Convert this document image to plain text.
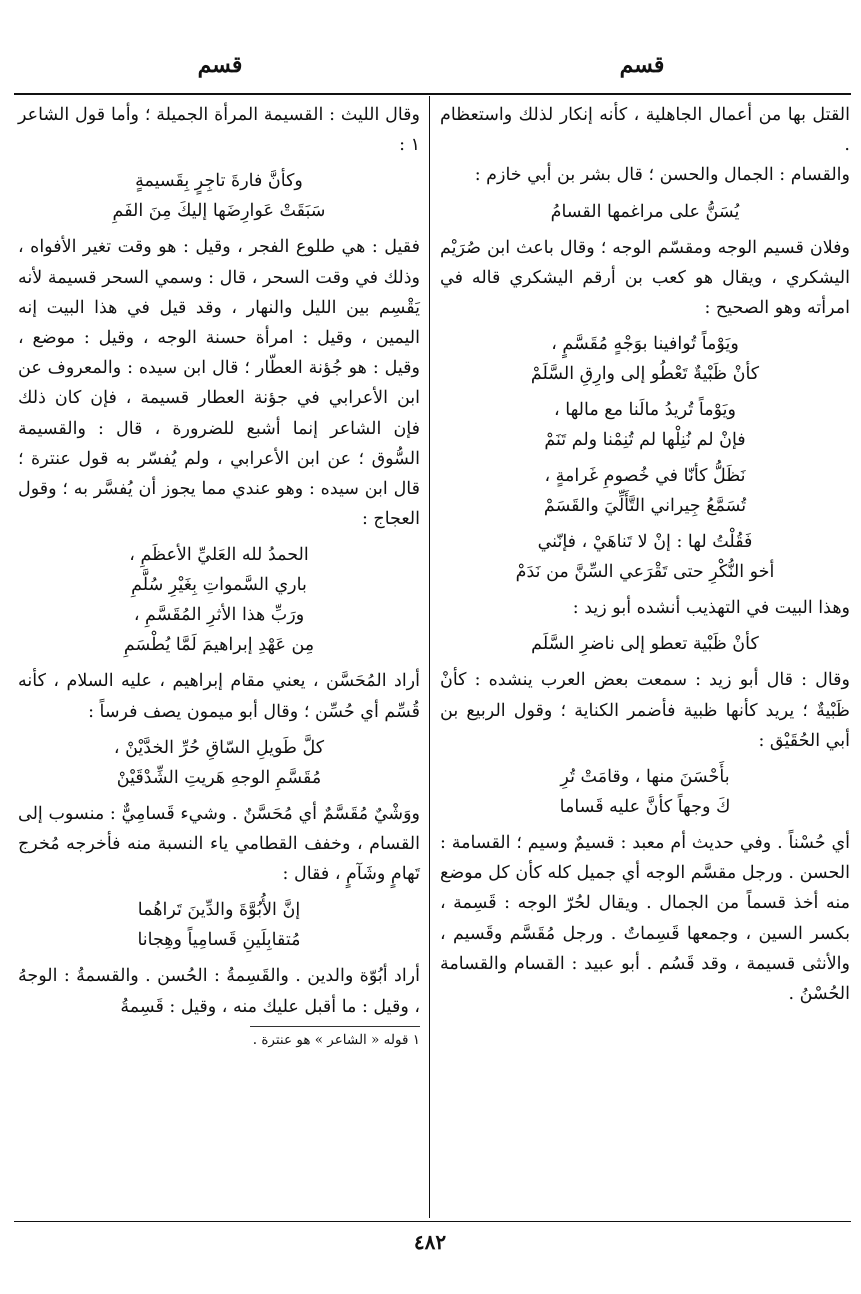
قسم
قسم

القتل بها من أعمال الجاهلية ، كأنه إنكار لذلك واستعظام .

والقسام : الجمال والحسن ؛ قال بشر بن أبي خازم :

يُسَنُّ على مراغمها القسامُ

وفلان قسيم الوجه ومقسّم الوجه ؛ وقال باعث ابن صُرَيْم اليشكري ، ويقال هو كعب بن أرقم اليشكري قاله في امرأته وهو الصحيح :

ويَوْماً تُوافينا بوَجْهٍ مُقَسَّمٍ ،

كأنْ ظَبْيةٌ تَعْطُو إلى وارِقِ السَّلَمْ

ويَوْماً تُريدُ مالَنا مع مالها ،

فإنْ لم نُنِلْها لم تُنِمْنا ولم تَنَمْ

نَظَلُّ كأنّا في خُصومِ غَرامةٍ ،

تُسَمَّعُ جِيراني التَّأَلِّيَ والقَسَمْ

فَقُلْتُ لها : إنْ لا تَناهَيْ ، فإنّني

أخو النُّكْرِ حتى تَقْرَعي السِّنَّ من نَدَمْ

وهذا البيت في التهذيب أنشده أبو زيد :

كأنْ ظَبْية تعطو إلى ناضرِ السَّلَم

وقال : قال أبو زيد : سمعت بعض العرب ينشده : كأنْ ظَبْيةٌ ؛ يريد كأنها ظبية فأضمر الكناية ؛ وقول الربيع بن أبي الحُقَيْق :

بأَحْسَنَ منها ، وقامَتْ تُرِ

كَ وجهاً كأنَّ عليه قَساما

أي حُسْناً . وفي حديث أم معبد : قسيمٌ وسيم ؛ القسامة : الحسن . ورجل مقسَّم الوجه أي جميل كله كأن كل موضع منه أخذ قسماً من الجمال . ويقال لحُرّ الوجه : قَسِمة ، بكسر السين ، وجمعها قَسِماتٌ . ورجل مُقَسَّم وقَسيم ، والأنثى قسيمة ، وقد قَسُم . أبو عبيد : القسام والقسامة الحُسْنُ .

وقال الليث : القسيمة المرأة الجميلة ؛ وأما قول الشاعر ١ :

وكأنَّ فارةَ تاجِرٍ بِقَسيمةٍ

سَبَقَتْ عَوارِضَها إليكَ مِنَ الفَمِ

فقيل : هي طلوع الفجر ، وقيل : هو وقت تغير الأفواه ، وذلك في وقت السحر ، قال : وسمي السحر قسيمة لأنه يَقْسِم بين الليل والنهار ، وقد قيل في هذا البيت إنه اليمين ، وقيل : امرأة حسنة الوجه ، وقيل : موضع ، وقيل : هو جُؤنة العطّار ؛ قال ابن سيده : والمعروف عن ابن الأعرابي في جؤنة العطار قسيمة ، فإن كان ذلك فإن الشاعر إنما أشبع للضرورة ، قال : والقسيمة السُّوق ؛ عن ابن الأعرابي ، ولم يُفسّر به قول عنترة ؛ قال ابن سيده : وهو عندي مما يجوز أن يُفسَّر به ؛ وقول العجاج :

الحمدُ لله العَليِّ الأعظَمِ ،

باري السَّمواتِ بِغَيْرِ سُلَّمِ

ورَبِّ هذا الأثرِ المُقَسَّمِ ،

مِن عَهْدِ إبراهيمَ لَمَّا يُطْسَمِ

أراد المُحَسَّن ، يعني مقام إبراهيم ، عليه السلام ، كأنه قُسِّم أي حُسِّن ؛ وقال أبو ميمون يصف فرساً :

كلَّ طَويلِ السّاقِ حُرِّ الخدَّيْنْ ،

مُقَسَّمِ الوجهِ هَريتِ الشِّدْقَيْنْ

ووَشْيٌ مُقَسَّمٌ أي مُحَسَّنٌ . وشيء قَسامِيٌّ : منسوب إلى القسام ، وخفف القطامي ياء النسبة منه فأخرجه مُخرج تَهامٍ وشَآمٍ ، فقال :

إنَّ الأُبُوَّةَ والدِّينَ تَراهُما

مُتقابِلَينِ قَسامِياً وهِجانا

أراد أبُوّة والدين . والقَسِمةُ : الحُسن . والقسمةُ : الوجهُ ، وقيل : ما أقبل عليك منه ، وقيل : قَسِمةُ

١ قوله « الشاعر » هو عنترة .

٤٨٢
